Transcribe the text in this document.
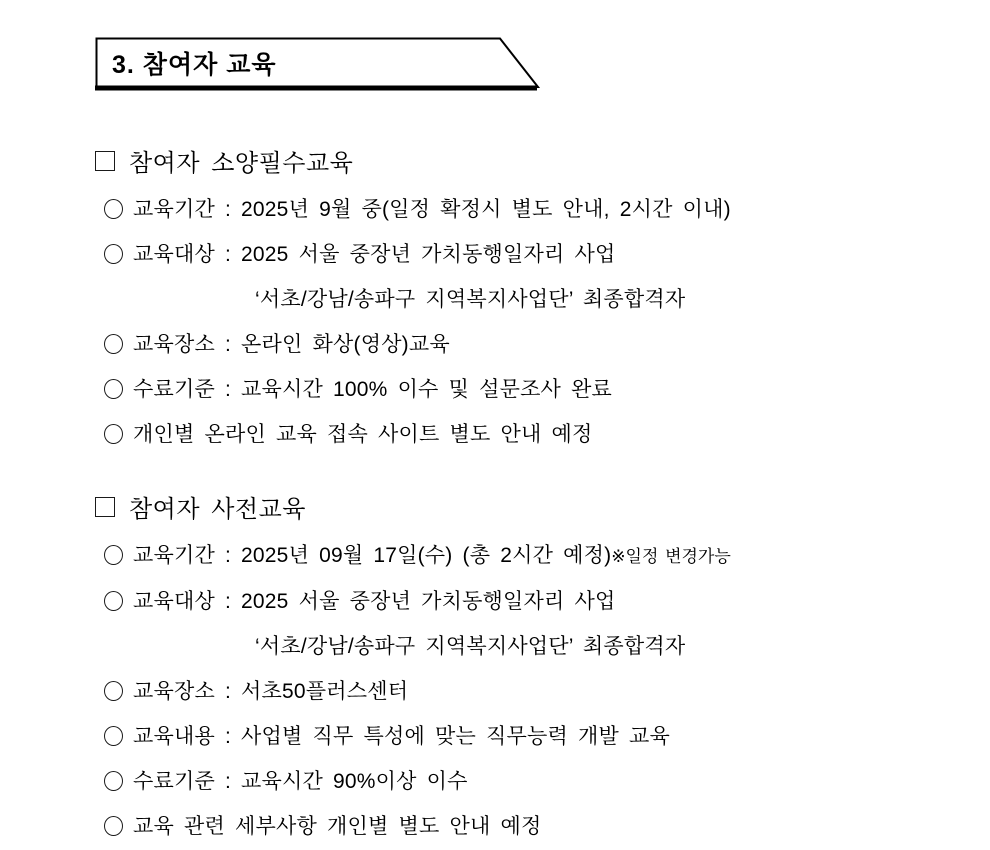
3. 참여자 교육
참여자 소양필수교육
교육기간 : 2025년 9월 중(일정 확정시 별도 안내, 2시간 이내)
교육대상 : 2025 서울 중장년 가치동행일자리 사업
‘서초/강남/송파구 지역복지사업단’ 최종합격자
교육장소 : 온라인 화상(영상)교육
수료기준 : 교육시간 100% 이수 및 설문조사 완료
개인별 온라인 교육 접속 사이트 별도 안내 예정
참여자 사전교육
교육기간 : 2025년 09월 17일(수) (총 2시간 예정)※일정 변경가능
교육대상 : 2025 서울 중장년 가치동행일자리 사업
‘서초/강남/송파구 지역복지사업단’ 최종합격자
교육장소 : 서초50플러스센터
교육내용 : 사업별 직무 특성에 맞는 직무능력 개발 교육
수료기준 : 교육시간 90%이상 이수
교육 관련 세부사항 개인별 별도 안내 예정
